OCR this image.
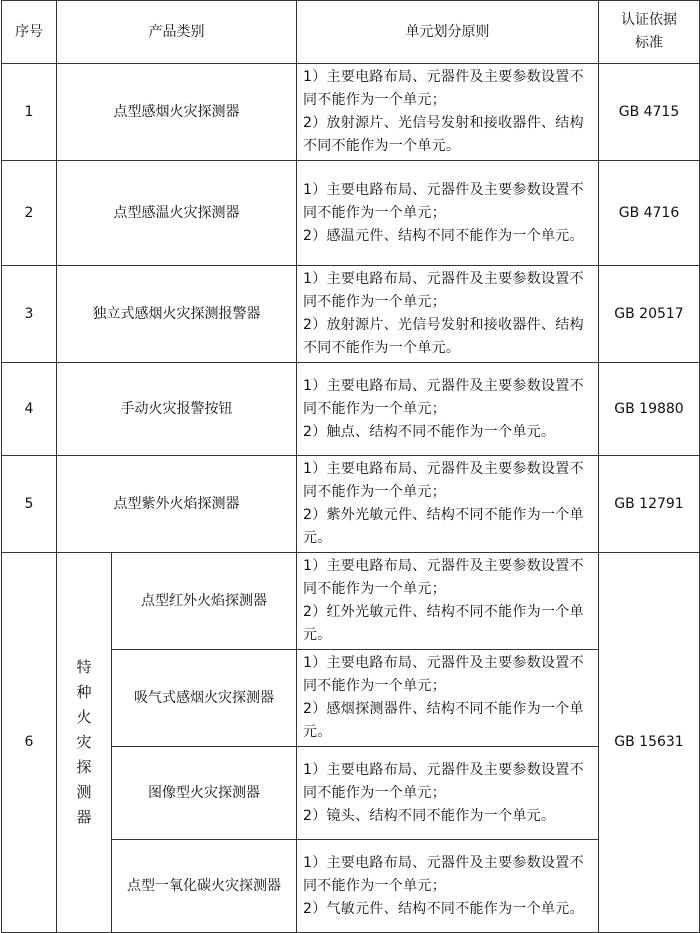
序号	产品类别		单元划分原则	认证依据标准
1	点型感烟火灾探测器		1）主要电路布局、元器件及主要参数设置不同不能作为一个单元；
2）放射源片、光信号发射和接收器件、结构不同不能作为一个单元。	GB 4715
2	点型感温火灾探测器		1）主要电路布局、元器件及主要参数设置不同不能作为一个单元；
2）感温元件、结构不同不能作为一个单元。	GB 4716
3	独立式感烟火灾探测报警器		1）主要电路布局、元器件及主要参数设置不同不能作为一个单元；
2）放射源片、光信号发射和接收器件、结构不同不能作为一个单元。	GB 20517
4	手动火灾报警按钮		1）主要电路布局、元器件及主要参数设置不同不能作为一个单元；
2）触点、结构不同不能作为一个单元。	GB 19880
5	点型紫外火焰探测器		1）主要电路布局、元器件及主要参数设置不同不能作为一个单元；
2）紫外光敏元件、结构不同不能作为一个单元。	GB 12791
6	特种火灾探测器	点型红外火焰探测器	1）主要电路布局、元器件及主要参数设置不同不能作为一个单元；
2）红外光敏元件、结构不同不能作为一个单元。	GB 15631
		吸气式感烟火灾探测器	1）主要电路布局、元器件及主要参数设置不同不能作为一个单元；
2）感烟探测器件、结构不同不能作为一个单元。	

		图像型火灾探测器	1）主要电路布局、元器件及主要参数设置不同不能作为一个单元；
2）镜头、结构不同不能作为一个单元。	

		点型一氧化碳火灾探测器	1）主要电路布局、元器件及主要参数设置不同不能作为一个单元；
2）气敏元件、结构不同不能作为一个单元。	
